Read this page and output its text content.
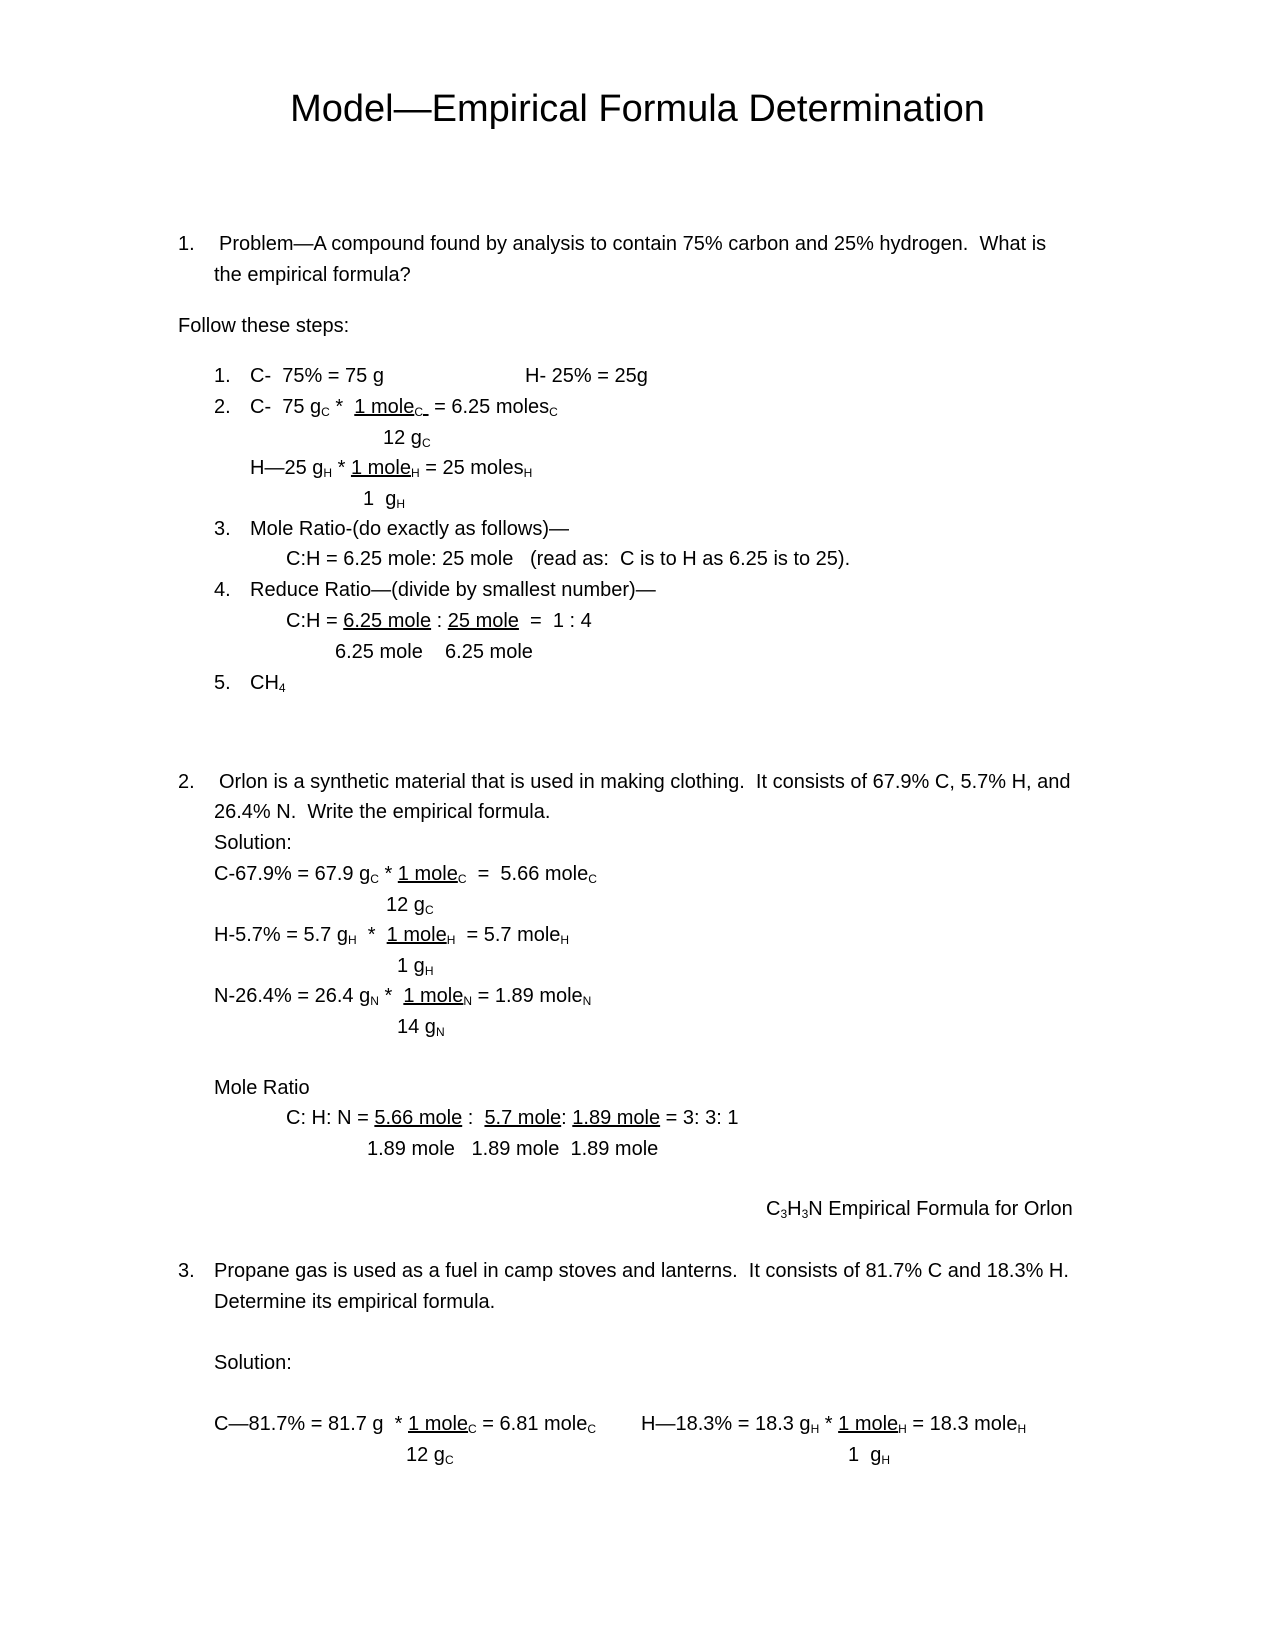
Model—Empirical Formula Determination
1. Problem—A compound found by analysis to contain 75% carbon and 25% hydrogen.  What is
the empirical formula?
Follow these steps:
1. C-  75% = 75 g	H- 25% = 25g
2. C-  75 $g_C * 1$ mole$_C$  = 6.25 moles$_C$
12 $g_C$
H—25 $g_H * 1$ mole$_H$ = 25 moles$_H$
1  $g_H$
3. Mole Ratio-(do exactly as follows)—
C:H = 6.25 mole: 25 mole   (read as:  C is to H as 6.25 is to 25).
4. Reduce Ratio—(divide by smallest number)—
C:H = 6.25 mole : 25 mole  =  1 : 4
6.25 mole    6.25 mole
5. $CH_4$
2. Orlon is a synthetic material that is used in making clothing.  It consists of 67.9% C, 5.7% H, and
26.4% N.  Write the empirical formula.
Solution:
C-67.9% = 67.9 $g_C * 1$ mole$_C$  =  5.66 mole$_C$
12 $g_C$
H-5.7% = 5.7 $g_H * 1$ mole$_H$  = 5.7 mole$_H$
1 $g_H$
N-26.4% = 26.4 $g_N * 1$ mole$_N$ = 1.89 mole$_N$
14 $g_N$
Mole Ratio
C: H: N = 5.66 mole :  5.7 mole: 1.89 mole = 3: 3: 1
1.89 mole   1.89 mole  1.89 mole
$C_3H_3N$ Empirical Formula for Orlon
3. Propane gas is used as a fuel in camp stoves and lanterns.  It consists of 81.7% C and 18.3% H.
Determine its empirical formula.
Solution:
C—81.7% = 81.7 g  * 1 mole$_C$ = 6.81 mole$_C$
12 $g_C$
H—18.3% = 18.3 $g_H * 1$ mole$_H$ = 18.3 mole$_H$
1  $g_H$
